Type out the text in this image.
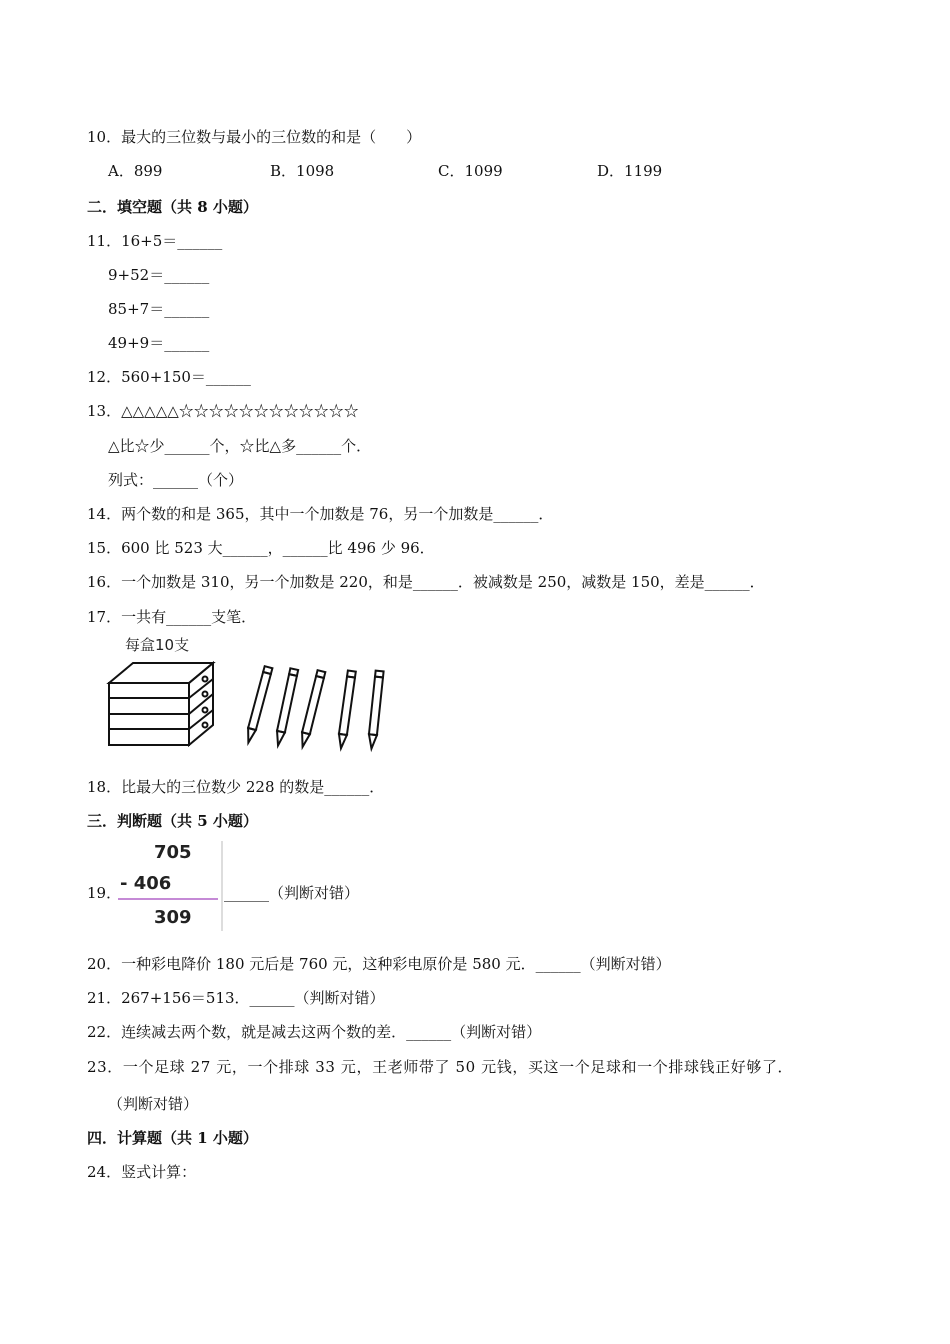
10．最大的三位数与最小的三位数的和是（　　）
A．899	B．1098	C．1099	D．1199
二．填空题（共 8 小题）
11．16+5＝______
9+52＝______
85+7＝______
49+9＝______
12．560+150＝______
13．△△△△△☆☆☆☆☆☆☆☆☆☆☆☆
△比☆少______个，☆比△多______个．
列式：______（个）
14．两个数的和是 365，其中一个加数是 76，另一个加数是______．
15．600 比 523 大______，______比 496 少 96．
16．一个加数是 310，另一个加数是 220，和是______．被减数是 250，减数是 150，差是______．
17．一共有______支笔．
每盒10支
18．比最大的三位数少 228 的数是______．
三．判断题（共 5 小题）
19．
705
- 406
309
______（判断对错）
20．一种彩电降价 180 元后是 760 元，这种彩电原价是 580 元．______（判断对错）
21．267+156＝513．______（判断对错）
22．连续减去两个数，就是减去这两个数的差．______（判断对错）
23．一个足球 27 元，一个排球 33 元，王老师带了 50 元钱，买这一个足球和一个排球钱正好够了．
（判断对错）
四．计算题（共 1 小题）
24．竖式计算：
